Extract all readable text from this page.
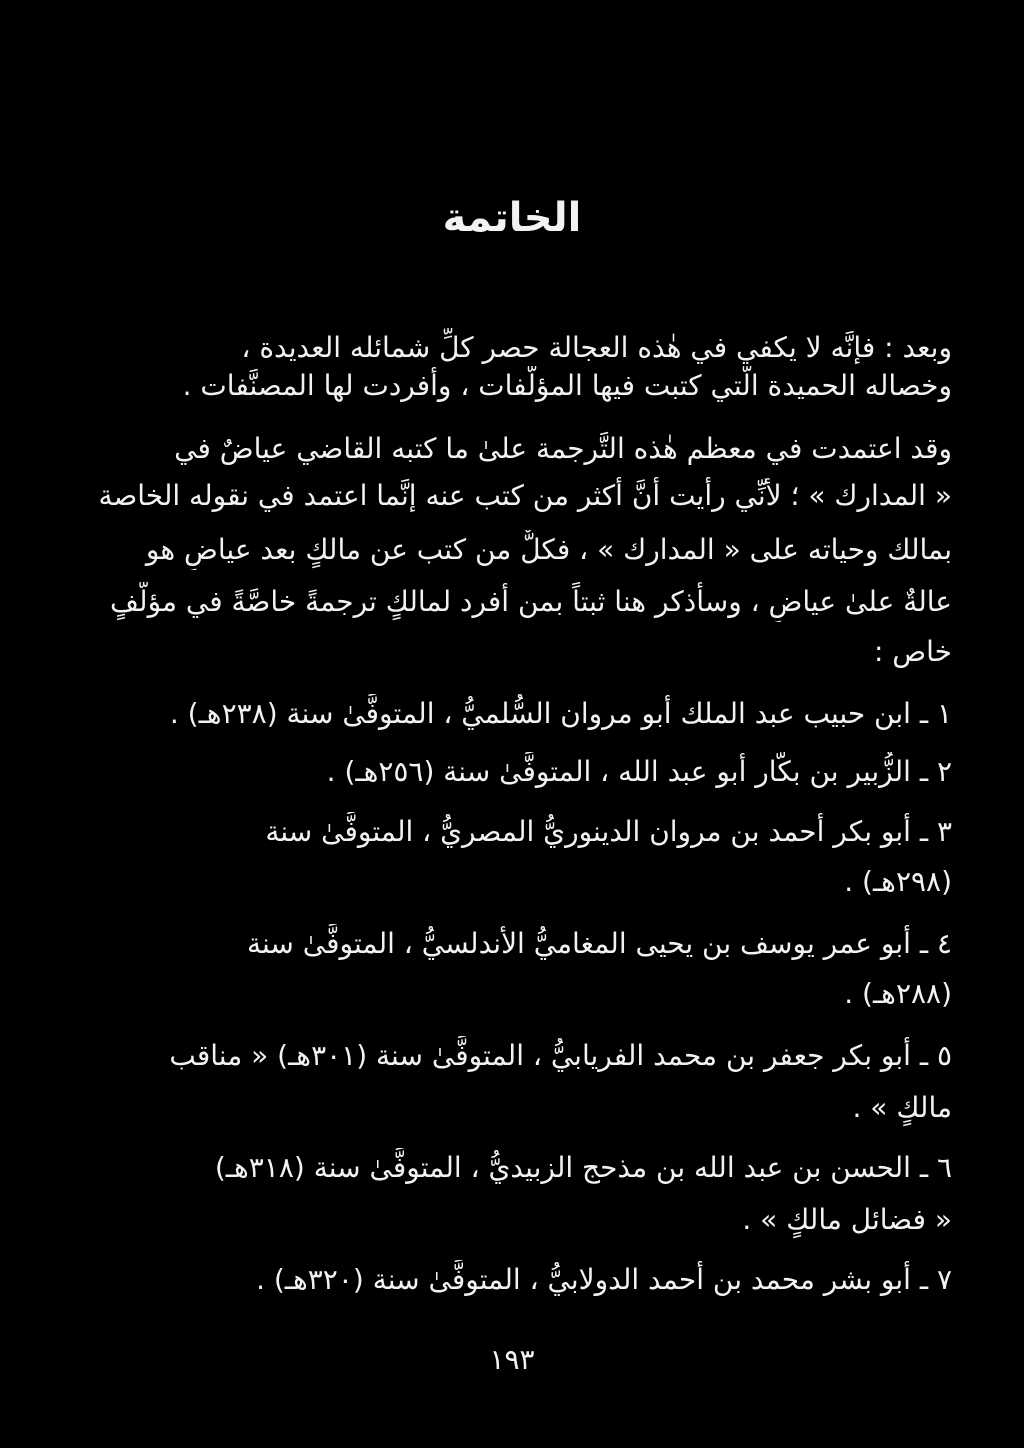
الخاتمة
وبعد : فإنَّه لا يكفي في هٰذه العجالة حصر كلِّ شمائله العديدة ،
وخصاله الحميدة الَّتي كتبت فيها المؤلَّفات ، وأفردت لها المصنَّفات .
وقد اعتمدت في معظم هٰذه التَّرجمة علىٰ ما كتبه القاضي عياضٌ في
« المدارك » ؛ لأنِّي رأيت أَنَّ أكثر من كتب عنه إنَّما اعتمد في نقوله الخاصة
بمالك وحياته على « المدارك » ، فكلٌّ من كتب عن مالكٍ بعد عياضٍ هو
عالةٌ علىٰ عياضٍ ، وسأذكر هنا ثبتاً بمن أفرد لمالكٍ ترجمةً خاصَّةً في مؤلَّفٍ
خاص :
١ ـ ابن حبيب عبد الملك أبو مروان السُّلميُّ ، المتوفَّىٰ سنة (٢٣٨هـ) .
٢ ـ الزُّبير بن بكَّار أبو عبد الله ، المتوفَّىٰ سنة (٢٥٦هـ) .
٣ ـ أبو بكر أحمد بن مروان الدينوريُّ المصريُّ ، المتوفَّىٰ سنة
(٢٩٨هـ) .
٤ ـ أبو عمر يوسف بن يحيى المغاميُّ الأندلسيُّ ، المتوفَّىٰ سنة
(٢٨٨هـ) .
٥ ـ أبو بكر جعفر بن محمد الفريابيُّ ، المتوفَّىٰ سنة (٣٠١هـ) « مناقب
مالكٍ » .
٦ ـ الحسن بن عبد الله بن مذحج الزبيديُّ ، المتوفَّىٰ سنة (٣١٨هـ)
« فضائل مالكٍ » .
٧ ـ أبو بشر محمد بن أحمد الدولابيُّ ، المتوفَّىٰ سنة (٣٢٠هـ) .
١٩٣
